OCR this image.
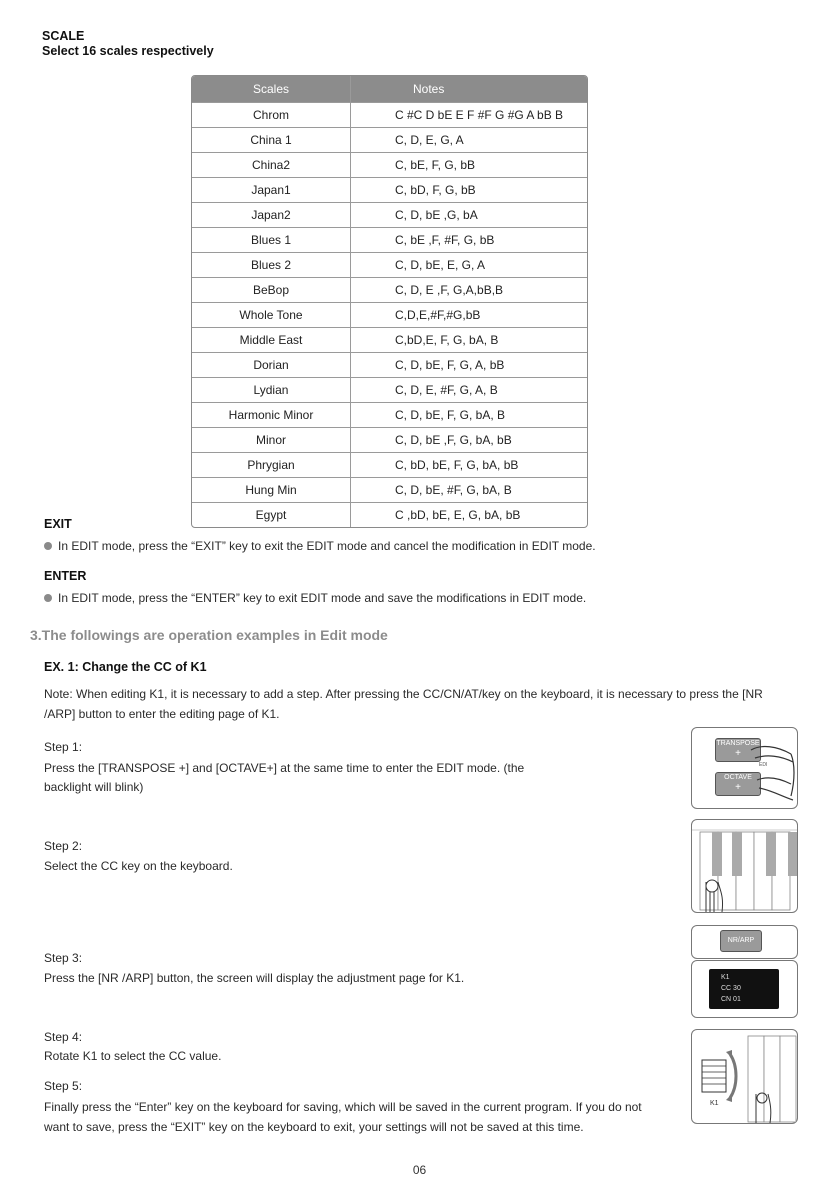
SCALE
Select 16 scales respectively
Scales	Notes
Chrom	C #C D bE E F #F G #G A bB B
China 1	C, D, E, G, A
China2	C, bE, F, G, bB
Japan1	C, bD, F, G, bB
Japan2	C, D, bE ,G, bA
Blues 1	C, bE ,F, #F, G, bB
Blues 2	C, D, bE, E, G, A
BeBop	C, D, E ,F, G,A,bB,B
Whole Tone	C,D,E,#F,#G,bB
Middle East	C,bD,E, F, G, bA, B
Dorian	C, D, bE, F, G, A, bB
Lydian	C, D, E, #F, G, A, B
Harmonic Minor	C, D, bE, F, G, bA, B
Minor	C, D, bE ,F, G, bA, bB
Phrygian	C, bD, bE, F, G, bA, bB
Hung Min	C, D, bE, #F, G, bA, B
Egypt	C ,bD, bE, E, G, bA, bB
EXIT
In EDIT mode, press the “EXIT” key to exit the EDIT mode and cancel the modification in EDIT mode.
ENTER
In EDIT mode, press the “ENTER” key to exit EDIT mode and save the modifications in EDIT mode.
3.The followings are operation examples in Edit mode
EX. 1: Change the CC of K1
Note: When editing K1, it is necessary to add a step. After pressing the CC/CN/AT/key on the keyboard, it is necessary to press the [NR
/ARP] button to enter the editing page of K1.
Step 1:
Press the [TRANSPOSE +] and [OCTAVE+] at the same time to enter the EDIT mode. (the
backlight will blink)
Step 2:
Select the CC key on the keyboard.
Step 3:
Press the [NR /ARP] button, the screen will display the adjustment page for K1.
Step 4:
Rotate K1 to select the CC value.
Step 5:
Finally press the “Enter” key on the keyboard for saving, which will be saved in the current program. If you do not
want to save, press the “EXIT” key on the keyboard to exit, your settings will not be saved at this time.
TRANSPOSE
+
OCTAVE
+
EDI
NR/ARP
K1
CC 30
CN 01
K1
06
